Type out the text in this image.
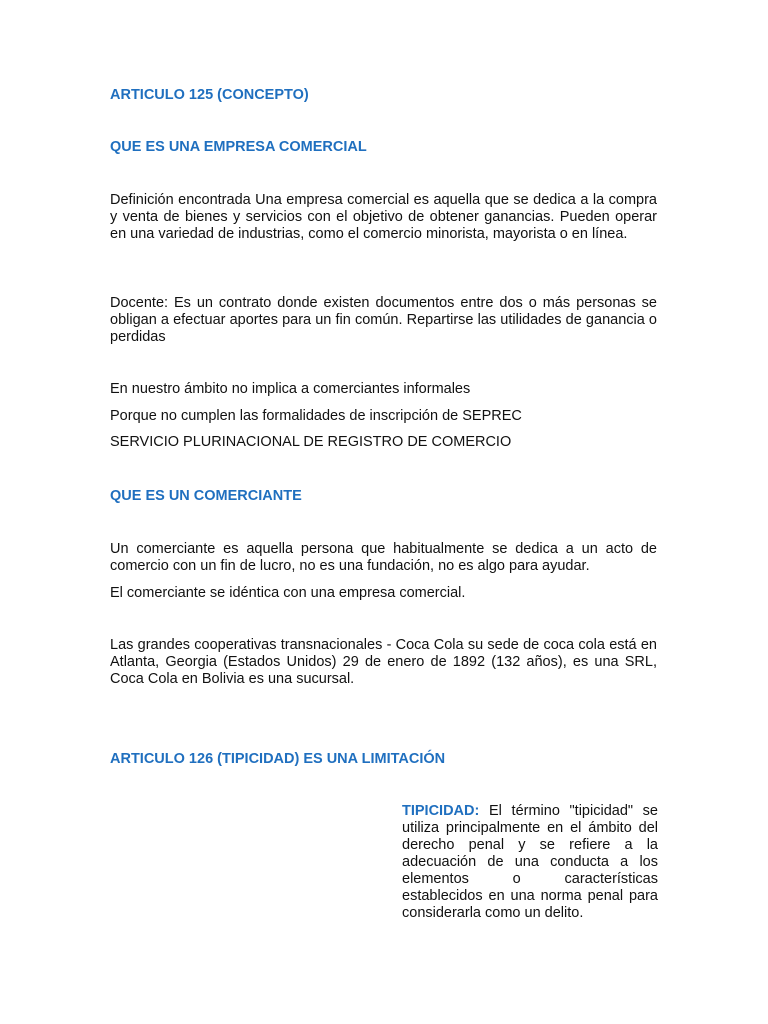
ARTICULO 125 (CONCEPTO)
QUE ES UNA EMPRESA COMERCIAL

Definición encontrada Una empresa comercial es aquella que se dedica a la compra y venta de bienes y servicios con el objetivo de obtener ganancias. Pueden operar en una variedad de industrias, como el comercio minorista, mayorista o en línea.

Docente: Es un contrato donde existen documentos entre dos o más personas se obligan a efectuar aportes para un fin común. Repartirse las utilidades de ganancia o perdidas

En nuestro ámbito no implica a comerciantes informales

Porque no cumplen las formalidades de inscripción de SEPREC

SERVICIO PLURINACIONAL DE REGISTRO DE COMERCIO

QUE ES UN COMERCIANTE

Un comerciante es aquella persona que habitualmente se dedica a un acto de comercio con un fin de lucro, no es una fundación, no es algo para ayudar.

El comerciante se idéntica con una empresa comercial.

Las grandes cooperativas transnacionales - Coca Cola su sede de coca cola está en Atlanta, Georgia (Estados Unidos) 29 de enero de 1892 (132 años), es una SRL, Coca Cola en Bolivia es una sucursal.

ARTICULO 126 (TIPICIDAD) ES UNA LIMITACIÓN

TIPICIDAD: El término "tipicidad" se utiliza principalmente en el ámbito del derecho penal y se refiere a la adecuación de una conducta a los elementos o características establecidos en una norma penal para considerarla como un delito.
